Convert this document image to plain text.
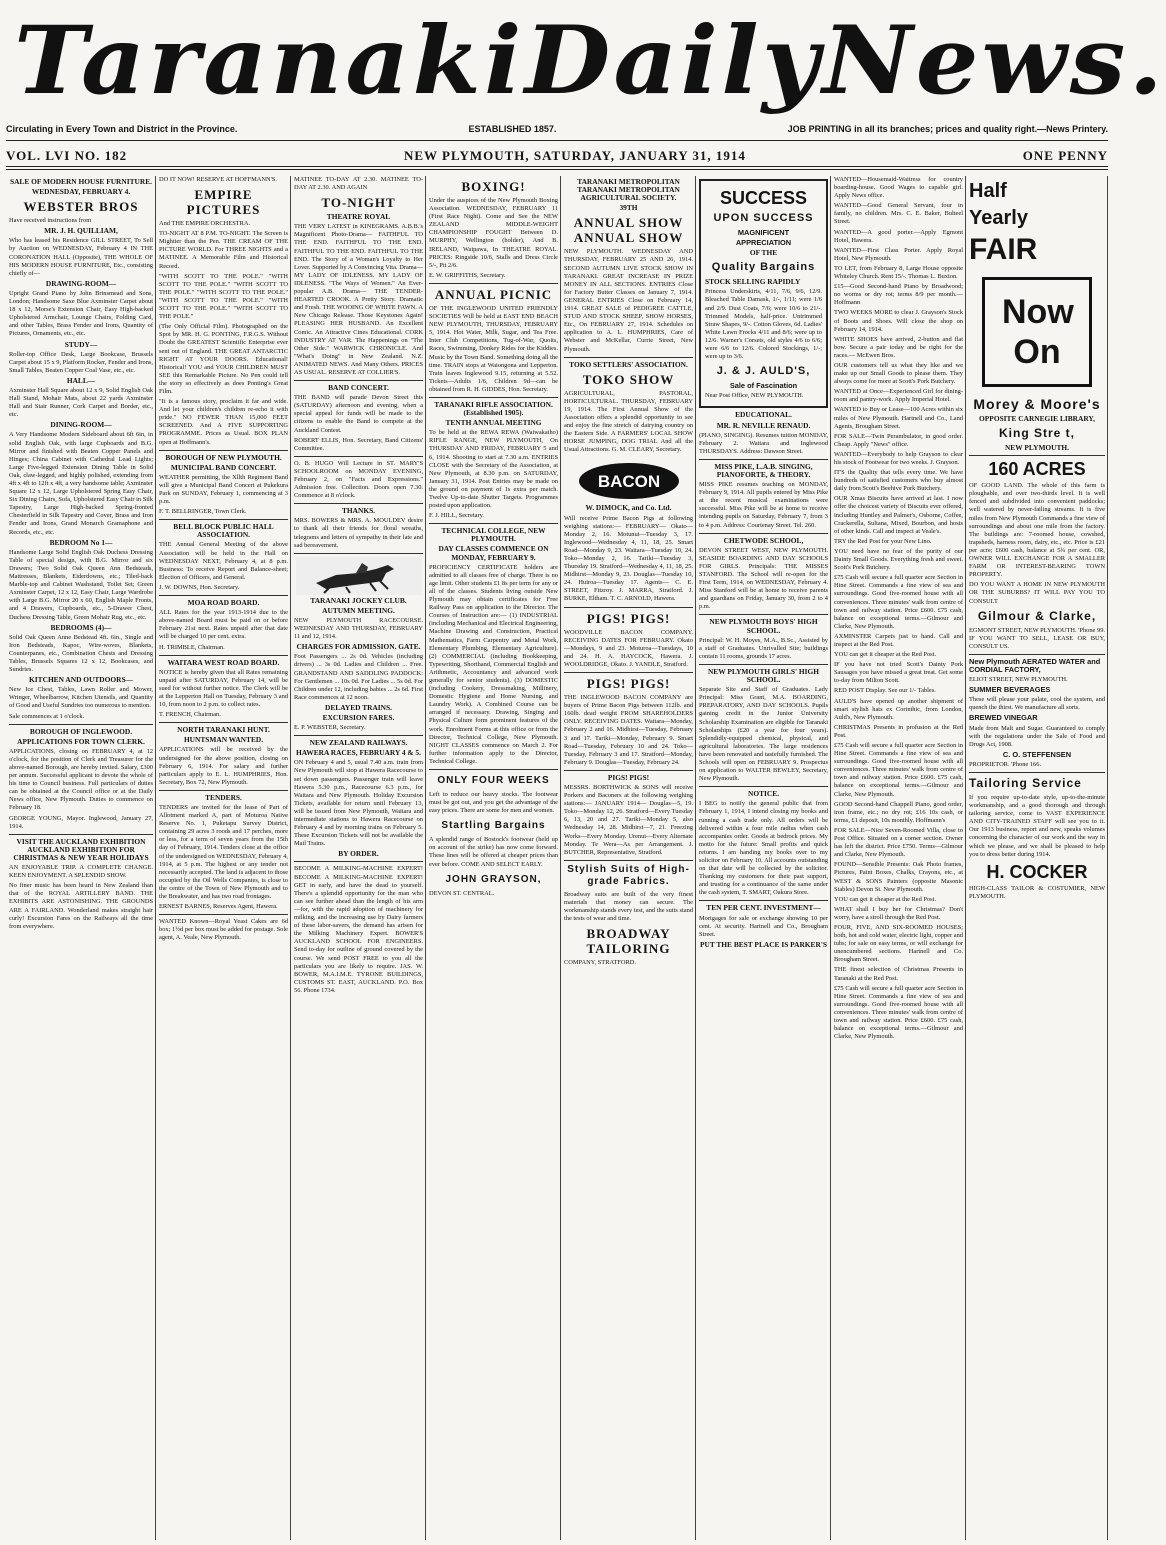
Taranaki Daily News.
Circulating in Every Town and District in the Province.	ESTABLISHED 1857.	JOB PRINTING in all its branches; prices and quality right.—News Printery.
VOL. LVI NO. 182	NEW PLYMOUTH, SATURDAY, JANUARY 31, 1914	ONE PENNY
SALE OF MODERN HOUSE FURNITURE.
WEDNESDAY, FEBRUARY 4.
WEBSTER BROS

Have received instructions from

MR. J. H. QUILLIAM,

Who has leased his Residence GILL STREET, To Sell by Auction on WEDNESDAY, February 4 IN THE CORONATION HALL (Opposite), THE WHOLE OF HIS MODERN HOUSE FURNITURE, Etc., consisting chiefly of—

DRAWING-ROOM—

Upright Grand Piano by John Brinsmead and Sons, London; Handsome Saxe Blue Axminster Carpet about 18 x 12, Morse's Extension Chair, Easy High-backed Upholstered Armchair, Lounge Chairs, Folding Card, and other Tables, Brass Fender and Irons, Quantity of Pictures, Ornaments, etc., etc.

STUDY—

Roller-top Office Desk, Large Bookcase, Brussels Carpet about 15 x 9, Platform Rocker, Fender and Irons, Small Tables, Beaten Copper Coal Vase, etc., etc.

HALL—

Axminster Hall Square about 12 x 9, Solid English Oak Hall Stand, Mohair Mats, about 22 yards Axminster Hall and Stair Runner, Cork Carpet and Border, etc., etc.

DINING-ROOM—

A Very Handsome Modern Sideboard about 6ft 6in, in solid English Oak, with large Cupboards and B.G. Mirror and finished with Beaten Copper Panels and Hinges; China Cabinet with Cathedral Lead Lights; Large Five-legged Extension Dining Table in Solid Oak, claw-legged, and highly polished, extending from 4ft x 4ft to 12ft x 4ft, a very handsome table; Axminster Square 12 x 12, Large Upholstered Spring Easy Chair, Six Dining Chairs, Sofa, Upholstered Easy Chair in Silk Tapestry, Large High-backed Spring-fronted Chesterfield in Silk Tapestry and Cover, Brass and Iron Fender and Irons, Grand Monarch Gramaphone and Records, etc., etc.

BEDROOM No 1—

Handsome Large Solid English Oak Duchess Dressing Table of special design, with B.G. Mirror and six Drawers; Two Solid Oak Queen Ann Bedsteads, Mattresses, Blankets, Eiderdowns, etc.; Tiled-back Marble-top and Cabinet Washstand, Toilet Set; Green Axminster Carpet, 12 x 12, Easy Chair, Large Wardrobe with Large B.G. Mirror 20 x 60, English Maple Fronts, and 4 Drawers, Cupboards, etc., 5-Drawer Chest, Duchess Dressing Table, Green Mohair Rug, etc., etc.

BEDROOMS (4)—

Solid Oak Queen Anne Bedstead 4ft. 6in., Single and Iron Bedsteads, Kapoc, Wire-woves, Blankets, Counterpanes, etc., Combination Chests and Dressing Tables, Brussels Squares 12 x 12, Bookcases, and Sundries.

KITCHEN AND OUTDOORS—

New Ice Chest, Tables, Lawn Roller and Mower, Wringer, Wheelbarrow, Kitchen Utensils, and Quantity of Good and Useful Sundries too numerous to mention.

Sale commences at 1 o'clock.

BOROUGH OF INGLEWOOD.
APPLICATIONS FOR TOWN CLERK.

APPLICATIONS, closing on FEBRUARY 4, at 12 o'clock, for the position of Clerk and Treasurer for the above-named Borough, are hereby invited. Salary, £300 per annum. Successful applicant to devote the whole of his time to Council business. Full particulars of duties can be obtained at the Council office or at the Daily News office, New Plymouth. Duties to commence on February 18.

GEORGE YOUNG, Mayor. Inglewood, January 27, 1914.

VISIT THE AUCKLAND EXHIBITION AUCKLAND EXHIBITION FOR CHRISTMAS & NEW YEAR HOLIDAYS

AN ENJOYABLE TRIP. A COMPLETE CHANGE. KEEN ENJOYMENT. A SPLENDID SHOW.

No finer music has been heard in New Zealand than that of the ROYAL ARTILLERY BAND. THE EXHIBITS ARE ASTONISHING. THE GROUNDS ARE A FAIRLAND. Wonderland makes straight hair curly! Excursion Fares on the Railways all the time from everywhere.

DO IT NOW! RESERVE AT HOFFMANN'S.

EMPIRE PICTURES

And THE EMPIRE ORCHESTRA.

TO-NIGHT AT 8 P.M. TO-NIGHT. The Screen is Mightier than the Pen. THE CREAM OF THE PICTURE WORLD. For THREE NIGHTS and a MATINEE. A Memorable Film and Historical Record.

"WITH SCOTT TO THE POLE." "WITH SCOTT TO THE POLE." "WITH SCOTT TO THE POLE." "WITH SCOTT TO THE POLE." "WITH SCOTT TO THE POLE." "WITH SCOTT TO THE POLE." "WITH SCOTT TO THE POLE."

(The Only Official Film). Photographed on the Spot by MR. H. G. PONTING, F.R.G.S. Without Doubt the GREATEST Scientific Enterprise ever sent out of England. THE GREAT ANTARCTIC RIGHT AT YOUR DOORS. Educational! Historical! YOU and YOUR CHILDREN MUST SEE this Remarkable Picture. No Pen could tell the story so effectively as does Ponting's Great Film.

"It is a famous story, proclaim it far and wide. And let your children's children re-echo it with pride." NO FEWER THAN 15,000 FEET SCREENED. And A FIVE SUPPORTING PROGRAMME. Prices as Usual. BOX PLAN open at Hoffmann's.

BOROUGH OF NEW PLYMOUTH.
MUNICIPAL BAND CONCERT.

WEATHER permitting, the Xllth Regiment Band will give a Municipal Band Concert at Pukekura Park on SUNDAY, February 1, commencing at 3 p.m.

F. T. BELLRINGER, Town Clerk.

BELL BLOCK PUBLIC HALL ASSOCIATION.

THE Annual General Meeting of the above Association will be held in the Hall on WEDNESDAY NEXT, February 4, at 8 p.m. Business: To receive Report and Balance-sheet; Election of Officers, and General.

J. W. DOWNS, Hon. Secretary.

MOA ROAD BOARD.

ALL Rates for the year 1913-1914 due to the above-named Board must be paid on or before February 21st next. Rates unpaid after that date will be charged 10 per cent. extra.

H. TRIMBLE, Chairman.

WAITARA WEST ROAD BOARD.

NOTICE is hereby given that all Rates remaining unpaid after SATURDAY, February 14, will be sued for without further notice. The Clerk will be at the Lepperton Hall on Tuesday, February 3 and 10, from noon to 2 p.m. to collect rates.

T. FRENCH, Chairman.

NORTH TARANAKI HUNT.
HUNTSMAN WANTED.

APPLICATIONS will be received by the undersigned for the above position, closing on February 6, 1914. For salary and further particulars apply to E. L. HUMPHRIES, Hon. Secretary, Box 72, New Plymouth.

TENDERS.

TENDERS are invited for the lease of Part of Allotment marked A, part of Moturoa Native Reserve No. 1, Puketapu Survey District, containing 29 acres 3 roods and 17 perches, more or less, for a term of seven years from the 15th day of February, 1914. Tenders close at the office of the undersigned on WEDNESDAY, February 4, 1914, at 5 p.m. The highest or any tender not necessarily accepted. The land is adjacent to those occupied by the Oil Wells Companies, is close to the centre of the Town of New Plymouth and to the Breakwater, and has two road frontages.

ERNEST BARNES, Reserves Agent, Hawera.

WANTED Known—Royal Yeast Cakes are 6d box; 1½d per box must be added for postage. Sole agent, A. Veale, New Plymouth.

MATINEE TO-DAY AT 2.30. MATINEE TO-DAY AT 2.30. AND AGAIN

TO-NIGHT
THEATRE ROYAL

THE VERY LATEST in KINEGRAMS. A.B.B.'s Magnificent Photo-Drama— FAITHFUL TO THE END. FAITHFUL TO THE END. FAITHFUL TO THE END. FAITHFUL TO THE END. The Story of a Woman's Loyalty to Her Lover. Supported by A Convincing Vita. Drama— MY LADY OF IDLENESS. MY LADY OF IDLENESS. "The Ways of Women." An Ever-popular A.B. Drama— THE TENDER-HEARTED CROOK. A Pretty Story. Dramatic and Fresh. THE WOOING OF WHITE FAWN. A New Chicago Release. Those Keystones Again! PLEASING HER HUSBAND. An Excellent Comic. An Attractive Cines Educational. CORK INDUSTRY AT VAR. The Happenings on "The Other Side." WARWICK CHRONICLE. And "What's Doing" in New Zealand. N.Z. ANIMATED NEWS. And Many Others. PRICES AS USUAL. RESERVE AT COLLIER'S.

BAND CONCERT.

THE BAND will parade Devon Street this (SATURDAY) afternoon and evening, when a special appeal for funds will be made to the citizens to enable the Band to compete at the Auckland Contest.

ROBERT ELLIS, Hon. Secretary, Band Citizens' Committee.

O. B. HUGO Will Lecture in ST. MARY'S SCHOOLROOM on MONDAY EVENING, February 2, on "Facts and Expressions." Admission free. Collection. Doors open 7.30. Commence at 8 o'clock.

THANKS.

MRS. BOWERS & MRS. A. MOULDEV desire to thank all their friends for floral wreaths, telegrams and letters of sympathy in their late and sad bereavement.

TARANAKI JOCKEY CLUB.
AUTUMN MEETING.

NEW PLYMOUTH RACECOURSE. WEDNESDAY AND THURSDAY, FEBRUARY 11 and 12, 1914.

CHARGES FOR ADMISSION. GATE.

Foot Passengers ... 2s 0d. Vehicles (including drivers) ... 3s 0d. Ladies and Children ... Free. GRANDSTAND AND SADDLING PADDOCK: For Gentlemen ... 10s 0d. For Ladies ... 5s 0d. For Children under 12, including babies ... 2s 6d. First Race commences at 12 noon.

DELAYED TRAINS.
EXCURSION FARES.

E. P. WEBSTER, Secretary.

NEW ZEALAND RAILWAYS.
HAWERA RACES, FEBRUARY 4 & 5.

ON February 4 and 5, usual 7.40 a.m. train from New Plymouth will stop at Hawera Racecourse to set down passengers. Passenger train will leave Hawera 5.30 p.m., Racecourse 6.3 p.m., for Waitara and New Plymouth. Holiday Excursion Tickets, available for return until February 13, will be issued from New Plymouth, Waitara and intermediate stations to Hawera Racecourse on February 4 and by morning trains on February 5. These Excursion Tickets will not be available the Mail Trains.

BY ORDER.

BECOME A MILKING-MACHINE EXPERT! BECOME A MILKING-MACHINE EXPERT! GET in early, and have the dead to yourself. There's a splendid opportunity for the man who can see further ahead than the length of his arm —for, with the rapid adoption of machinery for milking, and the increasing use by Dairy farmers of these labor-savers, the demand has arisen for the Milking Machinery Expert. BOWER'S AUCKLAND SCHOOL FOR ENGINEERS. Send to-day for outline of ground covered by the course. We send POST FREE to you all the particulars you are likely to require. JAS. W. BOWER, M.A.I.M.E. TYRONE BUILDINGS, CUSTOMS ST. EAST, AUCKLAND. P.O. Box 56. Phone 1734.

BOXING!

Under the auspices of the New Plymouth Boxing Association. WEDNESDAY, FEBRUARY 11 (First Race Night). Come and See the NEW ZEALAND MIDDLE-WEIGHT CHAMPIONSHIP FOUGHT Between D. MURPHY, Wellington (holder), And B. IRELAND, Waipawa, In THEATRE ROYAL. PRICES: Ringside 10/6, Stalls and Dress Circle 5/-, Pit 2/6.

E. W. GRIFFITHS, Secretary.

ANNUAL PICNIC

OF THE INGLEWOOD UNITED FRIENDLY SOCIETIES Will be held at EAST END BEACH NEW PLYMOUTH, THURSDAY, FEBRUARY 5, 1914. Hot Water, Milk, Sugar, and Tea Free. Inter Club Competitions, Tug-of-War, Quoits, Races, Swimming, Donkey Rides for the Kiddies. Music by the Town Band. Something doing all the time. TRAIN stops at Waiongona and Lepperton. Train leaves Inglewood 9.15, returning at 5.52. Tickets—Adults 1/6, Children 9d—can be obtained from R. H. GIDDES, Hon. Secretary.

TARANAKI RIFLE ASSOCIATION. (Established 1905).
TENTH ANNUAL MEETING

To be held at the REWA REWA (Waiwakaiho) RIFLE RANGE, NEW PLYMOUTH, On THURSDAY AND FRIDAY, FEBRUARY 5 and 6, 1914. Shooting to start at 7.30 a.m. ENTRIES CLOSE with the Secretary of the Association, at New Plymouth, at 8.30 p.m. on SATURDAY, January 31, 1914. Post Entries may be made on the ground on payment of 1s extra per match. Twelve Up-to-date Shutter Targets. Programmes posted upon application.

F. J. HILL, Secretary.

TECHNICAL COLLEGE, NEW PLYMOUTH.
DAY CLASSES COMMENCE ON MONDAY, FEBRUARY 9.

PROFICIENCY CERTIFICATE holders are admitted to all classes free of charge. There is no age limit. Other students £1 8s per term for any or all of the classes. Students living outside New Plymouth may obtain certificates for Free Railway Pass on application to the Director. The Courses of Instruction are:— (1) INDUSTRIAL (including Mechanical and Electrical Engineering, Machine Drawing and Construction, Practical Mathematics, Farm Carpentry and Metal Work, Elementary Plumbing, Elementary Agriculture). (2) COMMERCIAL (including Bookkeeping, Typewriting, Shorthand, Commercial English and Arithmetic, Accountancy and advanced work generally for senior students). (3) DOMESTIC (including Cookery, Dressmaking, Millinery, Domestic Hygiene and Home Nursing, and Laundry Work). A Combined Course can be arranged if necessary. Drawing, Singing and Physical Culture form prominent features of the work. Enrolment Forms at this office or from the Director, Technical College, New Plymouth. NIGHT CLASSES commence on March 2. For further information apply to the Director, Technical College.

ONLY FOUR WEEKS

Left to reduce our heavy stocks. The footwear must be got out, and you get the advantage of the easy prices. There are some for men and women.

Startling Bargains

A splendid range of Bostock's footwear (held up on account of the strike) has now come forward. These lines will be offered at cheaper prices than ever before. COME AND SELECT EARLY.

JOHN GRAYSON,

DEVON ST. CENTRAL.

TARANAKI METROPOLITAN TARANAKI METROPOLITAN AGRICULTURAL SOCIETY.
39TH
ANNUAL SHOW ANNUAL SHOW

NEW PLYMOUTH. WEDNESDAY AND THURSDAY, FEBRUARY 25 AND 26, 1914. SECOND AUTUMN LIVE STOCK SHOW IN TARANAKI. GREAT INCREASE IN PRIZE MONEY IN ALL SECTIONS. ENTRIES Close for Factory Butter Classes on January 7, 1914. GENERAL ENTRIES Close on February 14, 1914. GREAT SALE of PEDIGREE CATTLE, STUD AND STOCK SHEEP, SHOW HORSES, Etc., On FEBRUARY 27, 1914. Schedules on application to A. L. HUMPHRIES, Care of Webster and McKellar, Currie Street, New Plymouth.

TOKO SETTLERS' ASSOCIATION.
TOKO SHOW

AGRICULTURAL, PASTORAL, HORTICULTURAL. THURSDAY, FEBRUARY 19, 1914. The First Annual Show of the Association offers a splendid opportunity to see and enjoy the fine stretch of dairying country on the Eastern Side. A FARMERS' LOCAL SHOW HORSE JUMPING, DOG TRIAL And all the Usual Attractions. G. M. CLEARY, Secretary.

BACON
W. DIMOCK, and Co. Ltd.

Will receive Prime Bacon Pigs at following weighing stations:— FEBRUARY— Okato—Monday 2, 16. Motunui—Tuesday 3, 17. Inglewood—Wednesday 4, 11, 18, 25. Smart Road—Monday 9, 23. Waitara—Tuesday 10, 24. Toko—Monday 2, 16. Tariki—Tuesday 3, Thursday 19. Stratford—Wednesday 4, 11, 18, 25. Midhirst—Monday 9, 23. Douglas—Tuesday 10, 24. Huiroa—Tuesday 17. Agents— C. E. STREET, Fitzroy. J. MARRA, Stratford. J. BURKE, Eltham. T. C. ARNOLD, Hawera.

PIGS! PIGS!

WOODVILLE BACON COMPANY. RECEIVING DATES FOR FEBRUARY. Okato—Mondays, 9 and 23. Moturoa—Tuesdays, 10 and 24. H. A. HAYCOCK, Hawera. J. WOOLDRIDGE, Okato. J. YANDLE, Stratford.

PIGS! PIGS!

THE INGLEWOOD BACON COMPANY are buyers of Prime Bacon Pigs between 112lb. and 160lb. dead weight FROM SHAREHOLDERS ONLY. RECEIVING DATES. Waitara—Monday, February 2 and 16. Midhirst—Tuesday, February 3 and 17. Tariki—Monday, February 9. Smart Road—Tuesday, February 10 and 24. Toko—Tuesday, February 3 and 17. Stratford—Monday, February 9. Douglas—Tuesday, February 24.

PIGS! PIGS!

MESSRS. BORTHWICK & SONS will receive Porkers and Baconers at the following weighing stations:— JANUARY 1914— Douglas—5, 19. Toko—Monday 12, 26. Stratford—Every Tuesday 6, 13, 20 and 27. Tariki—Monday 5, also Wednesday 14, 28. Midhirst—7, 21. Freezing Works—Every Monday. Urenui—Every Alternate Monday. Te Wera—As per Arrangement. J. BUTCHER, Representative, Stratford.

Stylish Suits of High-grade Fabrics.

Broadway suits are built of the very finest materials that money can secure. The workmanship stands every test, and the suits stand the tests of wear and time.

BROADWAY TAILORING

COMPANY, STRATFORD.

SUCCESS
UPON SUCCESS
MAGNIFICENT
APPRECIATION
OF THE
Quality Bargains
STOCK SELLING RAPIDLY

Princess Underskirts, 4/11, 7/6, 9/6, 12/9. Bleached Table Damask, 1/-, 1/11; were 1/6 and 2/9. Dust Coats, 7/6; were 10/6 to 21/-. Trimmed Models, half-price. Untrimmed Straw Shapes, 9/-. Cotton Gloves, 6d. Ladies' White Lawn Frocks 4/11 and 8/6; were up to 12/6. Warner's Corsets, old styles 4/6 to 6/6; were 6/6 to 12/6. Colored Stockings, 1/-; were up to 3/6.

J. & J. AULD'S,
Sale of Fascination

Near Post Office, NEW PLYMOUTH.

EDUCATIONAL.
MR. R. NEVILLE RENAUD.

(PIANO, SINGING). Resumes tuition MONDAY, February 2. Waitara and Inglewood THURSDAYS. Address: Dawson Street.

MISS PIKE, L.A.B. SINGING, PIANOFORTE, & THEORY.

MISS PIKE resumes teaching on MONDAY, February 9, 1914. All pupils entered by Miss Pike at the recent musical examinations were successful. Miss Pike will be at home to receive intending pupils on Saturday, February 7, from 3 to 4 p.m. Address: Courtenay Street. Tel. 260.

CHETWODE SCHOOL,

DEVON STREET WEST, NEW PLYMOUTH. SEASIDE BOARDING AND DAY SCHOOLS FOR GIRLS. Principals: THE MISSES STANFORD. The School will re-open for the First Term, 1914, on WEDNESDAY, February 4. Miss Stanford will be at home to receive parents and guardians on Friday, January 30, from 2 to 4 p.m.

NEW PLYMOUTH BOYS' HIGH SCHOOL.

Principal: W. H. Moyes, M.A., B.Sc., Assisted by a staff of Graduates. Unrivalled Site; buildings contain 11 rooms, grounds 17 acres.

NEW PLYMOUTH GIRLS' HIGH SCHOOL.

Separate Site and Staff of Graduates. Lady Principal: Miss Grant, M.A. BOARDING, PREPARATORY, AND DAY SCHOOLS. Pupils gaining credit in the Junior University Scholarship Examination are eligible for Taranaki Scholarships (£20 a year for four years). Splendidly-equipped chemical, physical, and agricultural laboratories. The large residences have been renovated and tastefully furnished. The Schools will open on FEBRUARY 9. Prospectus on application to WALTER BEWLEY, Secretary, New Plymouth.

NOTICE.

I BEG to notify the general public that from February 1, 1914, I intend closing my books and running a cash trade only. All orders will be delivered within a four mile radius when cash accompanies order. Goods at bedrock prices. My motto for the future: Small profits and quick returns. I am handing my books over to my solicitor on February 10. All accounts outstanding on that date will be collected by the solicitor. Thanking my customers for their past support, and trusting for a continuance of the same under the cash system, T. SMART, Oakura Store.

TEN PER CENT. INVESTMENT—

Mortgages for sale or exchange showing 10 per cent. At security. Hartnell and Co., Brougham Street.

PUT THE BEST PLACE IS PARKER'S

WANTED—Housemaid-Waitress for country boarding-house. Good Wages to capable girl. Apply News office.

WANTED—Good General Servant, four in family, no children. Mrs. C. E. Baker, Bulteel Street.

WANTED—A good porter.—Apply Egmont Hotel, Hawera.

WANTED—First Class Porter. Apply Royal Hotel, New Plymouth.

TO LET, from February 8, Large House opposite Whiteley Church. Rent 15/-. Thomas L. Buxton.

£15—Good Second-hand Piano by Broadwood; no worms or dry rot; terms 8/9 per month.—Hoffmann

TWO WEEKS MORE to clear J. Grayson's Stock of Boots and Shoes. Will close the shop on February 14, 1914.

WHITE SHOES have arrived, 2-button and flat bow. Secure a pair today and be right for the races.— McEwen Bros.

OUR customers tell us what they like and we make up our Small Goods to please them. They always come for more at Scott's Pork Butchery.

WANTED at Once—Experienced Girl for dining-room and pantry-work. Apply Imperial Hotel.

WANTED to Buy or Lease—100 Acres within six miles of New Plymouth. Hartnell and Co., Land Agents, Brougham Street.

FOR SALE—Twin Perambulator, in good order. Cheap. Apply "News" office.

WANTED—Everybody to help Grayson to clear his stock of Footwear for two weeks. J. Grayson.

IT'S the Quality that tells every time. We have hundreds of satisfied customers who buy almost daily from Scott's Beehive Pork Butchery.

OUR Xmas Biscuits have arrived at last. I now offer the choicest variety of Biscuits ever offered, including Huntley and Palmer's, Osborne, Coffee, Crackerella, Sultana, Mixed, Bourbon, and hosts of other kinds. Call and inspect at Veale's.

TRY the Red Post for your New Lino.

YOU need have no fear of the purity of our Dainty Small Goods. Everything fresh and sweet. Scott's Pork Butchery.

£75 Cash will secure a full quarter acre Section in Hine Street. Commands a fine view of sea and surroundings. Good five-roomed house with all conveniences. Three minutes' walk from centre of town and railway station. Price £600. £75 cash, balance on exceptional terms.—Gilmour and Clarke, New Plymouth.

AXMINSTER Carpets just to hand. Call and inspect at the Red Post.

YOU can get it cheaper at the Red Post.

IF you have not tried Scott's Dainty Pork Sausages you have missed a great treat. Get some to-day from Milton Scott.

RED POST Display. See our 1/- Tables.

AULD'S have opened up another shipment of smart stylish hats ex Corinthic, from London, Auld's, New Plymouth.

CHRISTMAS Presents in profusion at the Red Post.

£75 Cash will secure a full quarter acre Section in Hine Street. Commands a fine view of sea and surroundings. Good five-roomed house with all conveniences. Three minutes' walk from centre of town and railway station. Price £600. £75 cash, balance on exceptional terms.—Gilmour and Clarke, New Plymouth.

GOOD Second-hand Chappell Piano, good order, iron frame, etc.; no dry rot; £16 10s cash, or terms, £1 deposit, 10s monthly. Hoffmann's

FOR SALE—Nice Seven-Roomed Villa, close to Post Office. Situated on a corner section. Owner has left the district. Price £750. Terms—Gilmour and Clarke, New Plymouth.

FOUND—Sensible Presents: Oak Photo frames, Pictures, Paint Boxes, Chalks, Crayons, etc., at WEST & SONS Painters (opposite Masonic Stables) Devon St. New Plymouth.

YOU can get it cheaper at the Red Post.

WHAT shall I buy her for Christmas? Don't worry, have a stroll through the Red Post.

FOUR, FIVE, AND SIX-ROOMED HOUSES; both, hot and cold water, electric light, copper and tubs; for sale on easy terms, or will exchange for unencumbered sections. Hartnell and Co. Brougham Street.

THE finest selection of Christmas Presents in Taranaki at the Red Post.

£75 Cash will secure a full quarter acre Section in Hine Street. Commands a fine view of sea and surroundings. Good five-roomed house with all conveniences. Three minutes' walk from centre of town and railway station. Price £600. £75 cash, balance on exceptional terms.—Gilmour and Clarke, New Plymouth.

Half
Yearly
FAIR
Now On
Morey & Moore's
OPPOSITE CARNEGIE LIBRARY,
King Stre t,
NEW PLYMOUTH.
160 ACRES

OF GOOD LAND. The whole of this farm is ploughable, and over two-thirds level. It is well fenced and subdivided into convenient paddocks; well watered by never-failing streams. It is five miles from New Plymouth Commands a fine view of surroundings and about one mile from the factory. The buildings are: 7-roomed house, cowshed, trapsheds, harness room, dairy, etc., etc. Price is £21 per acre; £600 cash, balance at 5¾ per cent. OR, OWNER WILL EXCHANGE FOR A SMALLER FARM OR INTEREST-BEARING TOWN PROPERTY.

DO YOU WANT A HOME IN NEW PLYMOUTH OR THE SUBURBS? IT WILL PAY YOU TO CONSULT

Gilmour & Clarke,

EGMONT STREET, NEW PLYMOUTH. 'Phone 99. IF YOU WANT TO SELL, LEASE OR BUY, CONSULT US.

New Plymouth AERATED WATER and CORDIAL FACTORY,

ELIOT STREET, NEW PLYMOUTH.

SUMMER BEVERAGES

These will please your palate, cool the system, and quench the thirst. We manufacture all sorts.

BREWED VINEGAR

Made from Malt and Sugar. Guaranteed to comply with the regulations under the Sale of Food and Drugs Act, 1908.

C. O. STEFFENSEN

PROPRIETOR. 'Phone 166.

Tailoring Service

If you require up-to-date style, up-to-the-minute workmanship, and a good thorough and through tailoring service, come to VAST EXPERIENCE AND CITY-TRAINED STAFF will see you to it. Our 1913 business, report and new, speaks volumes concerning the character of our work and the way in which we please, and we shall be pleased to help you to dress better during 1914.

H. COCKER

HIGH-CLASS TAILOR & COSTUMIER, NEW PLYMOUTH.
